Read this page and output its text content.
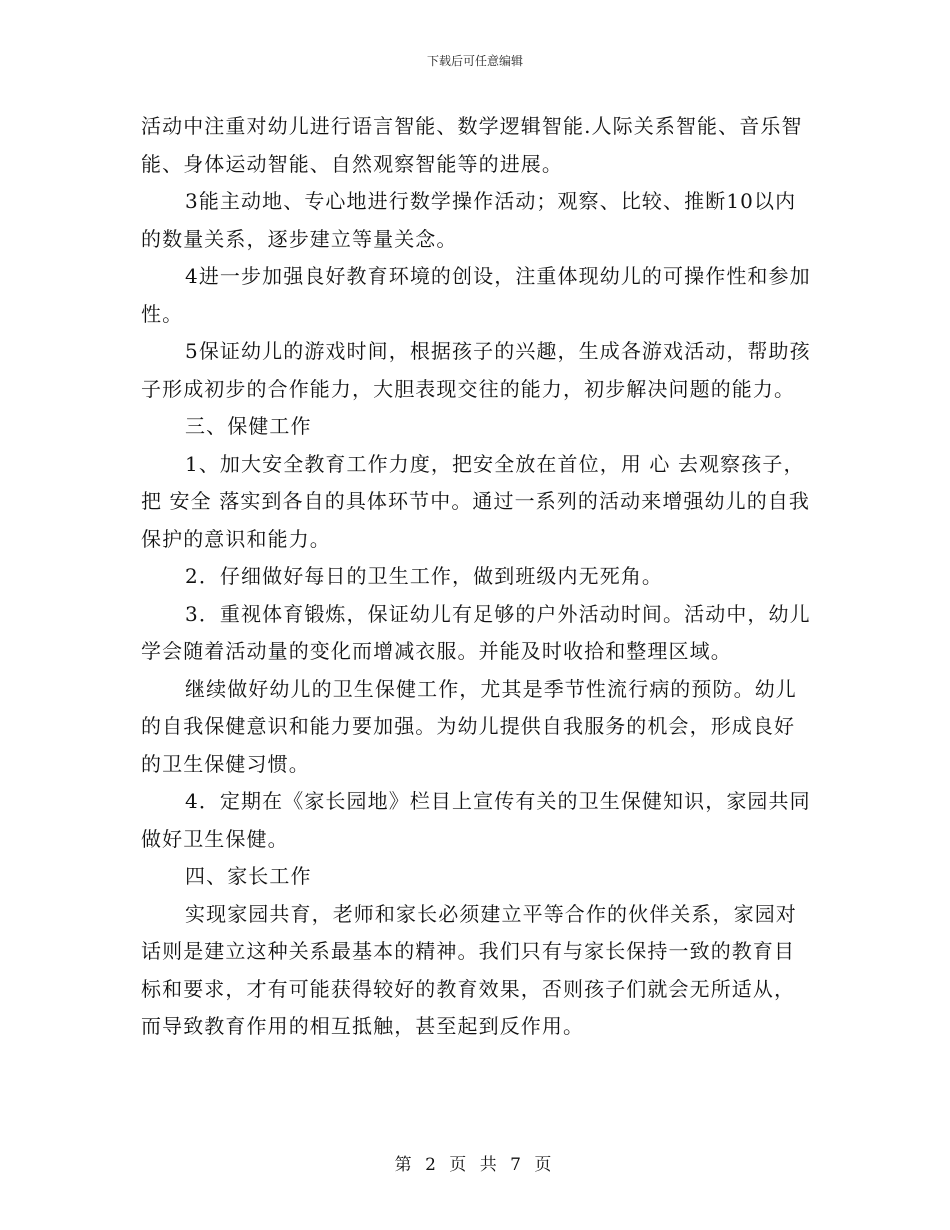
下载后可任意编辑

活动中注重对幼儿进行语言智能、数学逻辑智能.人际关系智能、音乐智能、身体运动智能、自然观察智能等的进展。

3能主动地、专心地进行数学操作活动；观察、比较、推断10以内的数量关系，逐步建立等量关念。

4进一步加强良好教育环境的创设，注重体现幼儿的可操作性和参加性。

5保证幼儿的游戏时间，根据孩子的兴趣，生成各游戏活动，帮助孩子形成初步的合作能力，大胆表现交往的能力，初步解决问题的能力。

三、保健工作

1、加大安全教育工作力度，把安全放在首位，用 心 去观察孩子，把 安全 落实到各自的具体环节中。通过一系列的活动来增强幼儿的自我保护的意识和能力。

2．仔细做好每日的卫生工作，做到班级内无死角。

3．重视体育锻炼，保证幼儿有足够的户外活动时间。活动中，幼儿学会随着活动量的变化而增减衣服。并能及时收拾和整理区域。

继续做好幼儿的卫生保健工作，尤其是季节性流行病的预防。幼儿的自我保健意识和能力要加强。为幼儿提供自我服务的机会，形成良好的卫生保健习惯。

4．定期在《家长园地》栏目上宣传有关的卫生保健知识，家园共同做好卫生保健。

四、家长工作

实现家园共育，老师和家长必须建立平等合作的伙伴关系，家园对话则是建立这种关系最基本的精神。我们只有与家长保持一致的教育目标和要求，才有可能获得较好的教育效果，否则孩子们就会无所适从，而导致教育作用的相互抵触，甚至起到反作用。

第 2 页 共 7 页
